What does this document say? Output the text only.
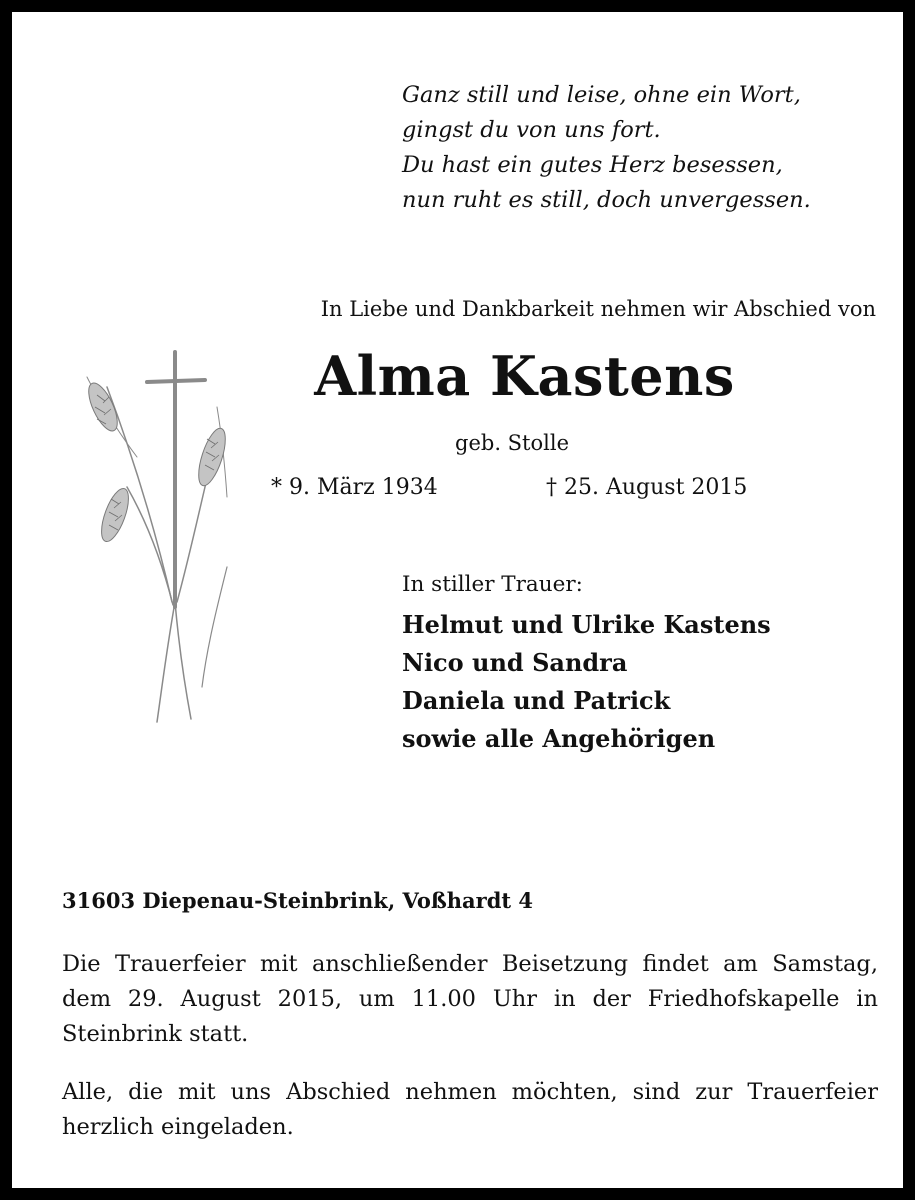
Ganz still und leise, ohne ein Wort,
gingst du von uns fort.
Du hast ein gutes Herz besessen,
nun ruht es still, doch unvergessen.
In Liebe und Dankbarkeit nehmen wir Abschied von
Alma Kastens
geb. Stolle
* 9. März 1934	† 25. August 2015
In stiller Trauer:
Helmut und Ulrike Kastens
Nico und Sandra
Daniela und Patrick
sowie alle Angehörigen
31603 Diepenau-Steinbrink, Voßhardt 4
Die Trauerfeier mit anschließender Beisetzung findet am Samstag, dem 29. August 2015, um 11.00 Uhr in der Friedhofskapelle in Steinbrink statt.
Alle, die mit uns Abschied nehmen möchten, sind zur Trauerfeier herzlich eingeladen.
